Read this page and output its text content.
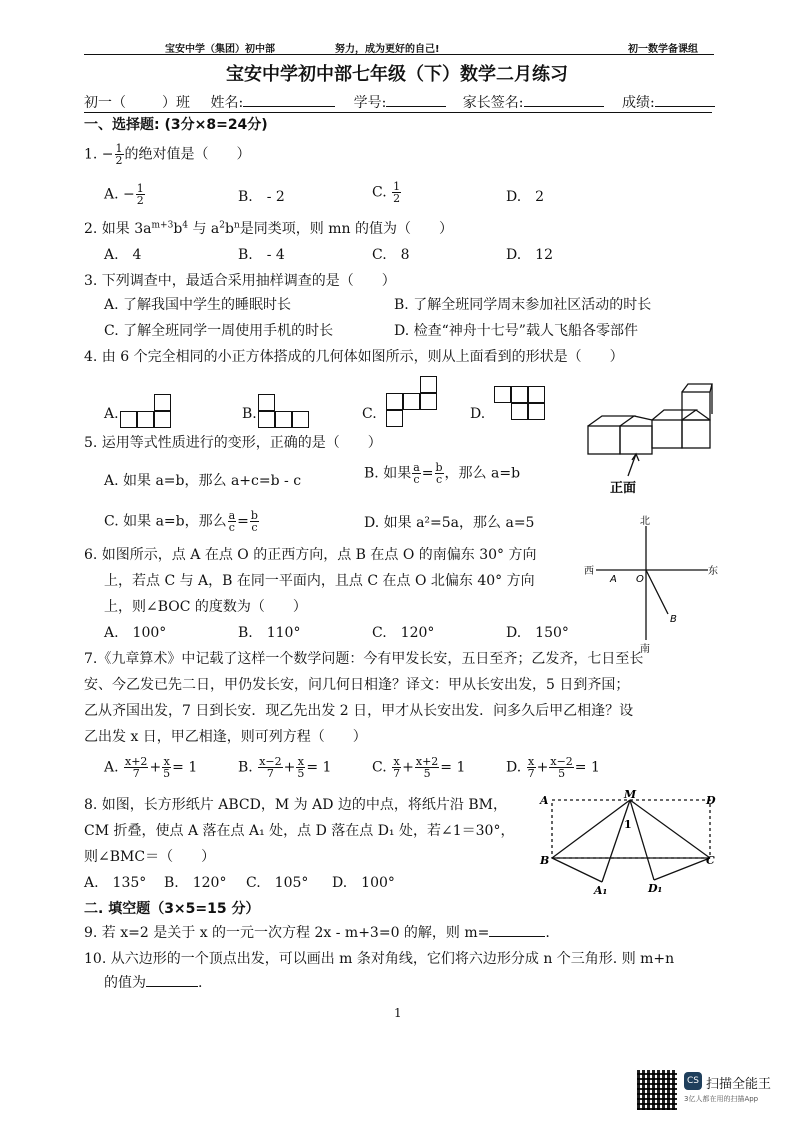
宝安中学（集团）初中部	努力，成为更好的自己!	初一数学备课组
宝安中学初中部七年级（下）数学二月练习
初一（	）班 姓名:	学号:	家长签名:	成绩:
一、选择题: (3分×8=24分)
1. − $\frac{1}{2}$ 的绝对值是（　　）
A. − $\frac{1}{2}$	B.　- 2	C. $\frac{1}{2}$	D.　2
2. 如果 $3a^{m+3}b^4$ 与 $a^2b^n$是同类项，则 mn 的值为（　　）
A.　4	B.　- 4	C.　8	D.　12
3. 下列调查中，最适合采用抽样调查的是（　　）
A. 了解我国中学生的睡眠时长	B. 了解全班同学周末参加社区活动的时长
C. 了解全班同学一周使用手机的时长	D. 检查“神舟十七号”载人飞船各零部件
4. 由 6 个完全相同的小正方体搭成的几何体如图所示，则从上面看到的形状是（　　）
A.	B.	C.	D.
正面
5. 运用等式性质进行的变形，正确的是（　　）
A. 如果 a=b，那么 a+c=b - c	B. 如果 $\frac{a}{c} = \frac{b}{c}$ ，那么 a=b
C. 如果 a=b，那么 $\frac{a}{c} = \frac{b}{c}$	D. 如果 a²=5a，那么 a=5
6. 如图所示，点 A 在点 O 的正西方向，点 B 在点 O 的南偏东 30° 方向
上，若点 C 与 A，B 在同一平面内，且点 C 在点 O 北偏东 40° 方向
上，则∠BOC 的度数为（　　）
A.　100°	B.　110°	C.　120°	D.　150°
北
南
西	东
A O
B
7.《九章算术》中记载了这样一个数学问题：今有甲发长安，五日至齐；乙发齐，七日至长
安、今乙发已先二日，甲仍发长安，问几何日相逢？译文：甲从长安出发，5 日到齐国；
乙从齐国出发，7 日到长安．现乙先出发 2 日，甲才从长安出发．问多久后甲乙相逢？设
乙出发 x 日，甲乙相逢，则可列方程（　　）
A. $\frac{x+2}{7} + \frac{x}{5} = 1$	B. $\frac{x-2}{7} + \frac{x}{5} = 1$	C. $\frac{x}{7} + \frac{x+2}{5} = 1$	D. $\frac{x}{7} + \frac{x-2}{5} = 1$
8. 如图，长方形纸片 ABCD，M 为 AD 边的中点，将纸片沿 BM，
CM 折叠，使点 A 落在点 A₁ 处，点 D 落在点 D₁ 处，若∠1＝30°，
则∠BMC＝（　　）
A.　135° B.　120° C.　105° D.　100°
A	M	D
B	C
1
A₁	D₁
二. 填空题（3×5=15 分）
9. 若 x=2 是关于 x 的一元一次方程 2x - m+3=0 的解，则 m=	.
10. 从六边形的一个顶点出发，可以画出 m 条对角线，它们将六边形分成 n 个三角形. 则 m+n
的值为	.
1
CS 扫描全能王
3亿人都在用的扫描App
